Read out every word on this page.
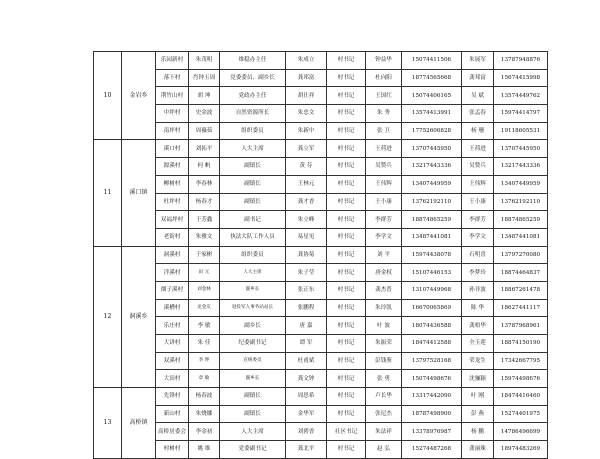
10	金岩乡	乐园新村	朱茂明	维稳办主任	朱成立	村书记	钟益华	15074411506	朱展军	13787948876
		落下村	肖钟玉周	党委委员、副乡长	龚邦富	村书记	杜向阳	18774565668	龚邦富	15674415998
		荆竹山村	胡 坤	党政办主任	胡仕祥	村书记	王国红	15074406165	吴 斌	13574449762
		中坪村	史金波	自然资源所长	朱忠文	村书记	朱 秀	13574413991	张孟春	15974414797
		南坪村	周薇茹	组织委员	朱新中	村书记	张 卫	17752606828	杨 珊	19118605531
11	溪口镇	溪口村	刘拓平	人大主席	龚立军	村书记	王荷进	13707445950	王荷进	13707445950
		源溪村	何 帆	副镇长	黄 芬	村书记	吴赞兵	13217443336	吴赞兵	13217443336
		柳树村	李春林	副镇长	王林元	村书记	王伟辉	13407449959	王伟辉	13407449959
		杜坪村	杨春才	副镇长	龚才香	村书记	王小康	13762192110	王小康	13762192110
		双福坪村	于芳鑫	副书记	朱立峰	村书记	李群芳	18874865259	李群芳	18874865259
		老街村	朱雅文	执法大队工作人员	易星见	村书记	李学文	13487441081	李学文	13487441081
12	洞溪乡	洞溪村	于家彬	组织委员	龚协菊	村书记	刘 平	15974438078	石明喜	13797270080
		洋溪村	田 元	人大主席	朱子莹	村书记	唐金权	15107446153	李梦玲	18874464837
		烟子溪村	刘金林	副乡长	张正东	村书记	龚杰普	13107449968	孙非波	18867261478
		溪槽村	龙金友	退役军人事务站站长	张鹏程	村书记	朱玲凯	16670065869	陈 华	18627441117
		乐庄村	李 敏	副乡长	唐 嘉	村书记	叶 波	18074436588	龚梧华	13787968961
		大讲村	朱 佳	纪委副书记	谭 军	村书记	朱振荣	18474412588	全玉莲	18874150190
		双溪村	李 坤	宣统委员	杜甫斌	村书记	彭钱鉴	13797528168	荣龙生	17342667795
		大田村	章 敏	副乡长	龚文钟	村书记	张 勇	15074498676	沈骊颖	15974498676
13	高桥镇	先锋村	杨春波	副镇长	周思希	村书记	卢长华	13317442090	叶 刚	18474416460
		新山村	朱烧娜	副镇长	金华军	村书记	张尼杰	18787498900	彭 燕	15274401975
		高桥居委会	李金初	人大主席	刘碧香	社区书记	朱法祥	13378976987	杨 鹏	14786496699
		村树村	姚 维	党委副书记	龚北平	村书记	赵 弘	15274487268	龚丽珠	18974483269
